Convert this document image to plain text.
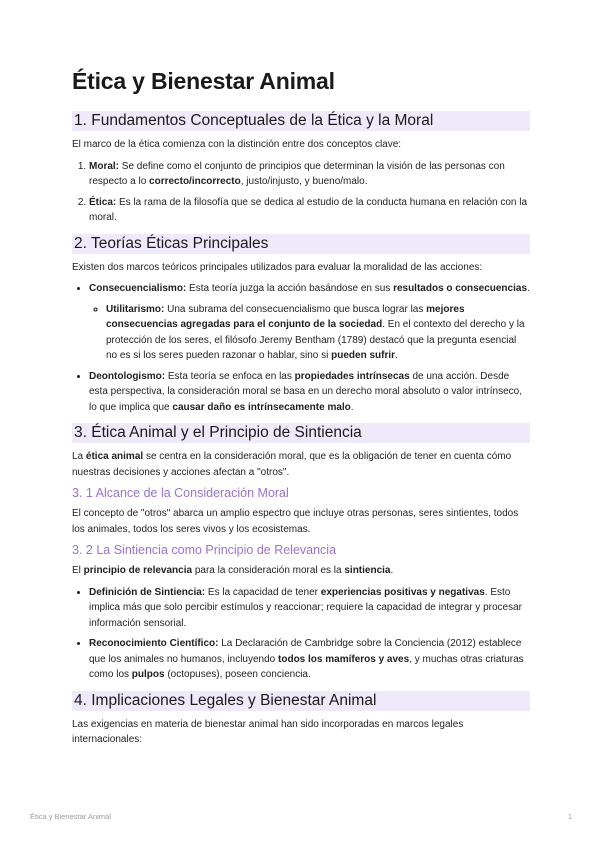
Ética y Bienestar Animal
1. Fundamentos Conceptuales de la Ética y la Moral

El marco de la ética comienza con la distinción entre dos conceptos clave:

1. Moral: Se define como el conjunto de principios que determinan la visión de las personas con respecto a lo correcto/incorrecto, justo/injusto, y bueno/malo.
2. Ética: Es la rama de la filosofía que se dedica al estudio de la conducta humana en relación con la moral.
2. Teorías Éticas Principales

Existen dos marcos teóricos principales utilizados para evaluar la moralidad de las acciones:

• Consecuencialismo: Esta teoría juzga la acción basándose en sus resultados o consecuencias.
◦ Utilitarismo: Una subrama del consecuencialismo que busca lograr las mejores consecuencias agregadas para el conjunto de la sociedad. En el contexto del derecho y la protección de los seres, el filósofo Jeremy Bentham (1789) destacó que la pregunta esencial no es si los seres pueden razonar o hablar, sino si pueden sufrir.
• Deontologismo: Esta teoría se enfoca en las propiedades intrínsecas de una acción. Desde esta perspectiva, la consideración moral se basa en un derecho moral absoluto o valor intrínseco, lo que implica que causar daño es intrínsecamente malo.
3. Ética Animal y el Principio de Sintiencia

La ética animal se centra en la consideración moral, que es la obligación de tener en cuenta cómo nuestras decisiones y acciones afectan a "otros".

3. 1 Alcance de la Consideración Moral

El concepto de "otros" abarca un amplio espectro que incluye otras personas, seres sintientes, todos los animales, todos los seres vivos y los ecosistemas.

3. 2 La Sintiencia como Principio de Relevancia

El principio de relevancia para la consideración moral es la sintiencia.

• Definición de Sintiencia: Es la capacidad de tener experiencias positivas y negativas. Esto implica más que solo percibir estímulos y reaccionar; requiere la capacidad de integrar y procesar información sensorial.
• Reconocimiento Científico: La Declaración de Cambridge sobre la Conciencia (2012) establece que los animales no humanos, incluyendo todos los mamíferos y aves, y muchas otras criaturas como los pulpos (octopuses), poseen conciencia.
4. Implicaciones Legales y Bienestar Animal

Las exigencias en materia de bienestar animal han sido incorporadas en marcos legales internacionales:

Ética y Bienestar Animal	1
